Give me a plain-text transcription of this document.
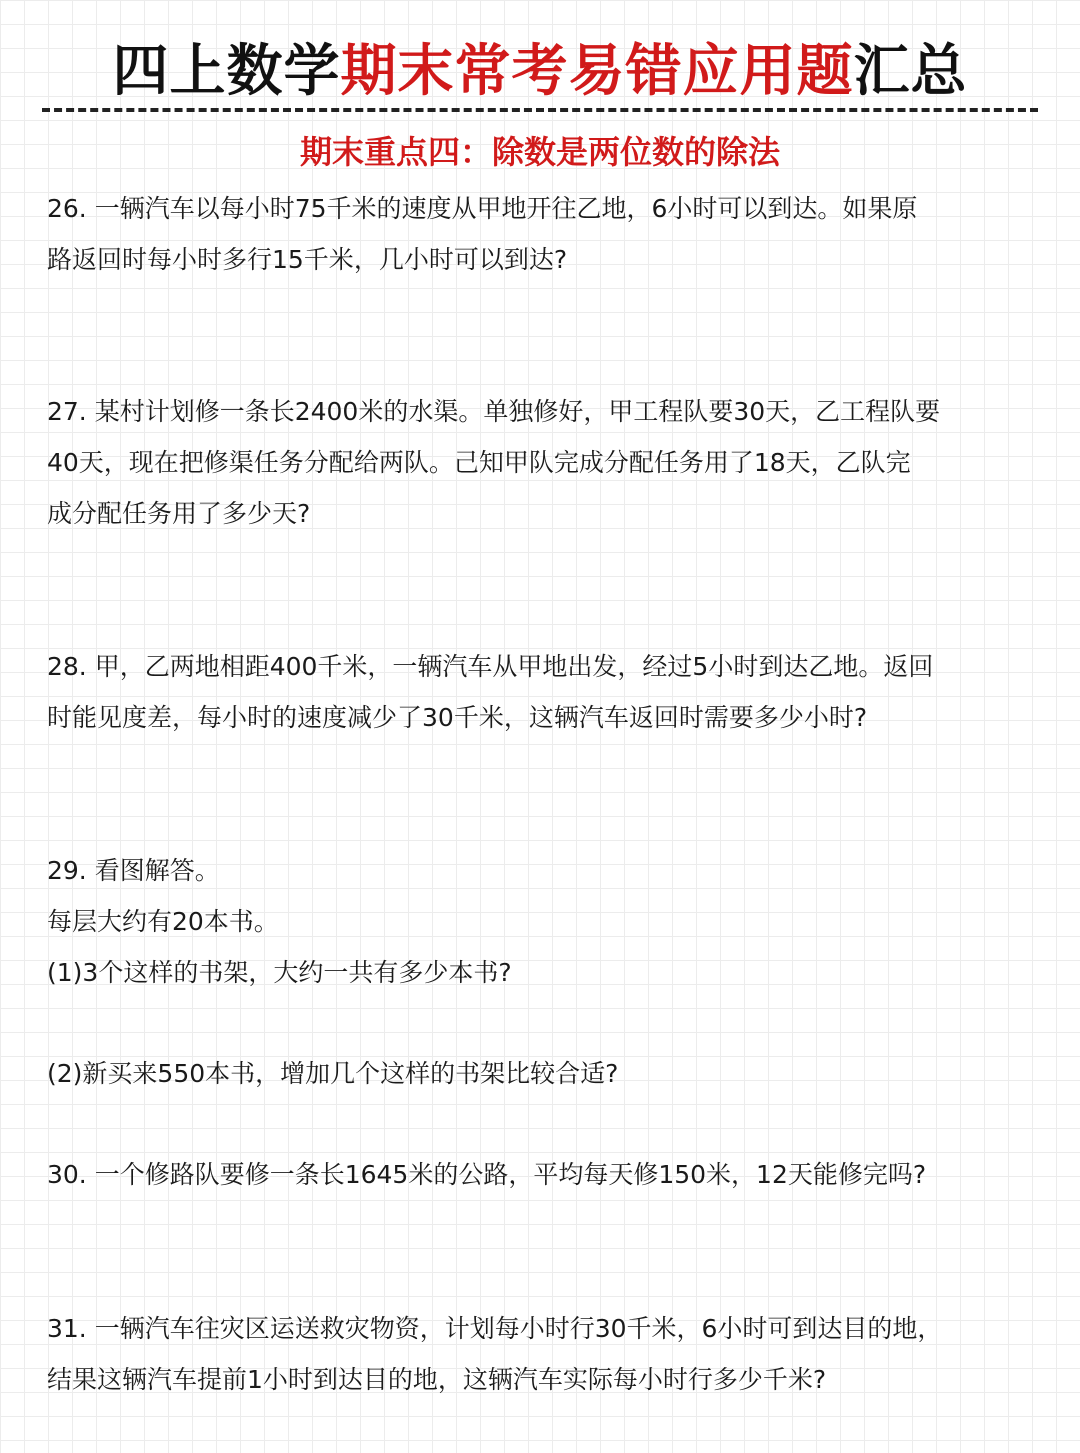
四上数学期末常考易错应用题汇总
期末重点四：除数是两位数的除法
26. 一辆汽车以每小时75千米的速度从甲地开往乙地，6小时可以到达。如果原
路返回时每小时多行15千米，几小时可以到达?
27. 某村计划修一条长2400米的水渠。单独修好，甲工程队要30天，乙工程队要
40天，现在把修渠任务分配给两队。己知甲队完成分配任务用了18天，乙队完
成分配任务用了多少天?
28. 甲，乙两地相距400千米，一辆汽车从甲地出发，经过5小时到达乙地。返回
时能见度差，每小时的速度减少了30千米，这辆汽车返回时需要多少小时?
29. 看图解答。
每层大约有20本书。
(1)3个这样的书架，大约一共有多少本书?
(2)新买来550本书，增加几个这样的书架比较合适?
30. 一个修路队要修一条长1645米的公路，平均每天修150米，12天能修完吗?
31. 一辆汽车往灾区运送救灾物资，计划每小时行30千米，6小时可到达目的地，
结果这辆汽车提前1小时到达目的地，这辆汽车实际每小时行多少千米?
